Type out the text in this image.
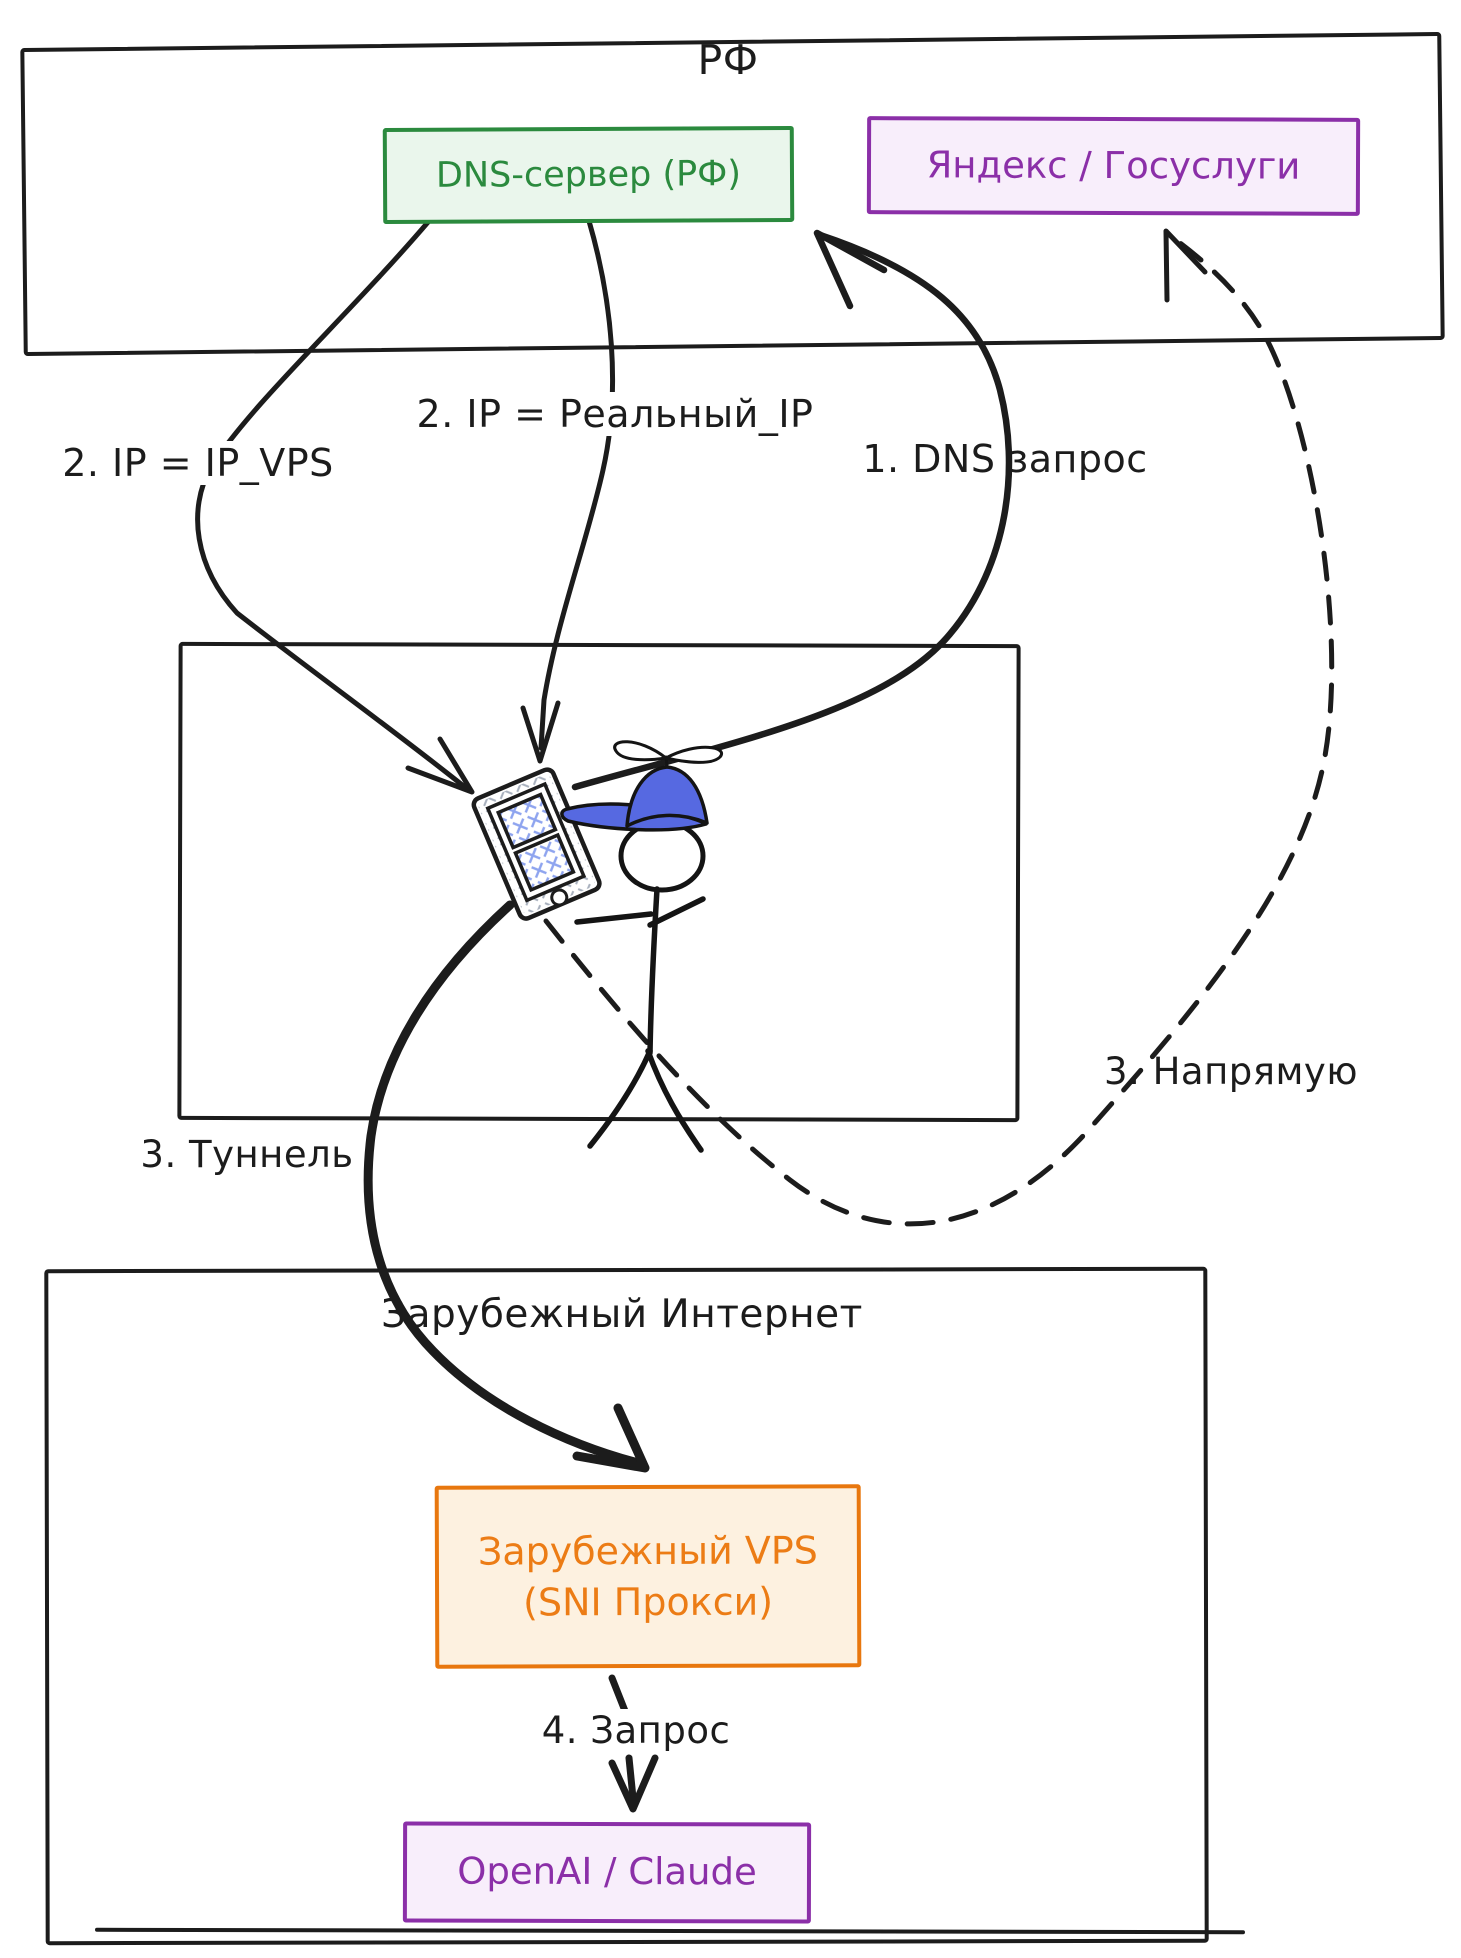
DNS-сервер (РФ)	Яндекс / Госуслуги
Зарубежный VPS
(SNI Прокси)
OpenAI / Claude
РФ
Зарубежный Интернет
1. DNS запрос
2. IP = Реальный_IP
2. IP = IP_VPS
3. Туннель
3. Напрямую
4. Запрос
